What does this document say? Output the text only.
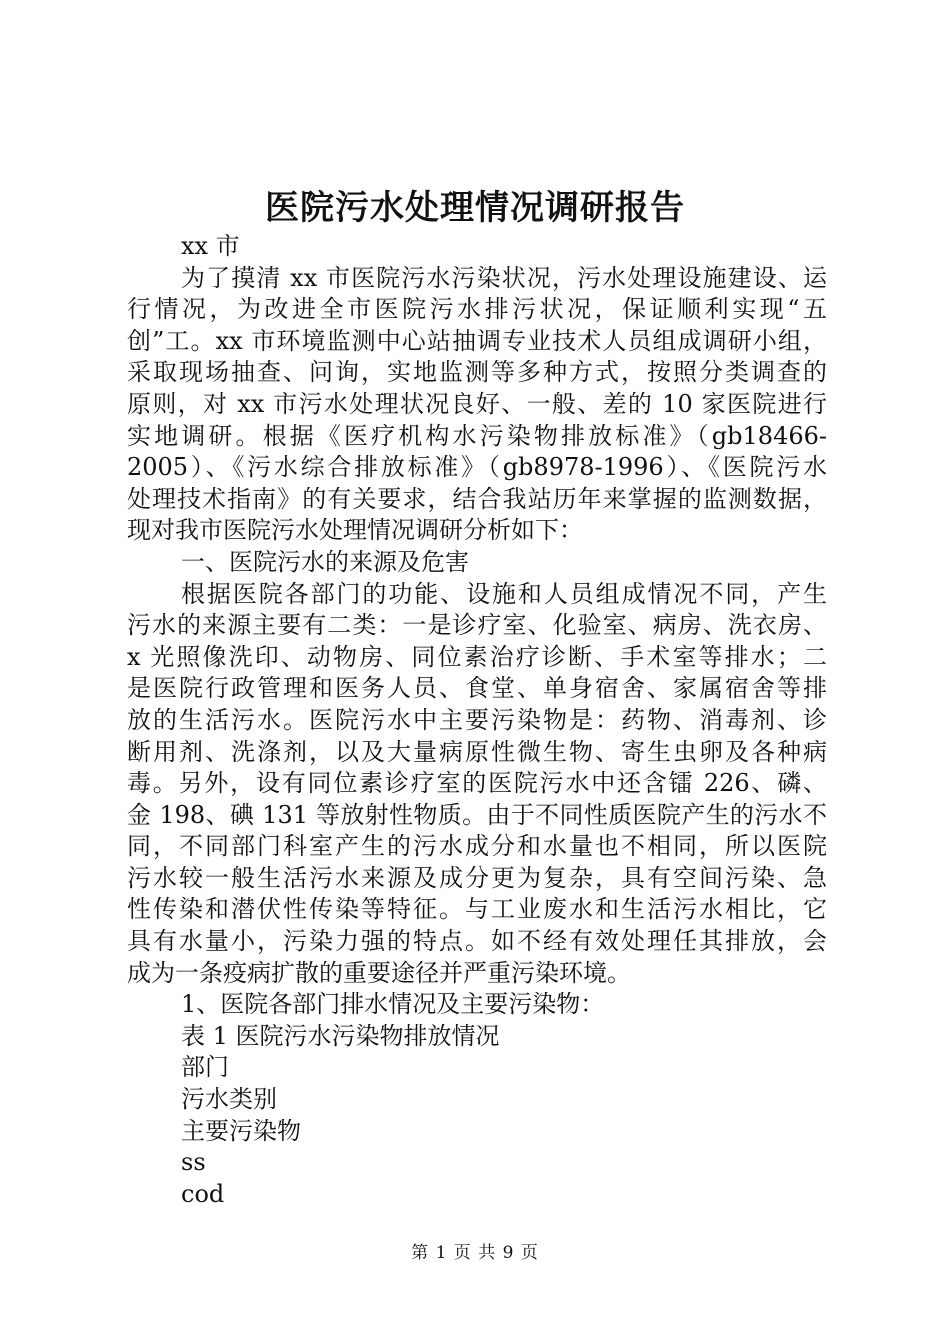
医院污水处理情况调研报告
xx 市
为了摸清 xx 市医院污水污染状况，污水处理设施建设、运
行情况，为改进全市医院污水排污状况，保证顺利实现“五
创”工。xx 市环境监测中心站抽调专业技术人员组成调研小组，
采取现场抽查、问询，实地监测等多种方式，按照分类调查的
原则，对 xx 市污水处理状况良好、一般、差的 10 家医院进行
实地调研。根据《医疗机构水污染物排放标准》（gb18466-
2005）、《污水综合排放标准》（gb8978-1996）、《医院污水
处理技术指南》的有关要求，结合我站历年来掌握的监测数据，
现对我市医院污水处理情况调研分析如下：
一、医院污水的来源及危害
根据医院各部门的功能、设施和人员组成情况不同，产生
污水的来源主要有二类：一是诊疗室、化验室、病房、洗衣房、
x 光照像洗印、动物房、同位素治疗诊断、手术室等排水；二
是医院行政管理和医务人员、食堂、单身宿舍、家属宿舍等排
放的生活污水。医院污水中主要污染物是：药物、消毒剂、诊
断用剂、洗涤剂，以及大量病原性微生物、寄生虫卵及各种病
毒。另外，设有同位素诊疗室的医院污水中还含镭 226、磷、
金 198、碘 131 等放射性物质。由于不同性质医院产生的污水不
同，不同部门科室产生的污水成分和水量也不相同，所以医院
污水较一般生活污水来源及成分更为复杂，具有空间污染、急
性传染和潜伏性传染等特征。与工业废水和生活污水相比，它
具有水量小，污染力强的特点。如不经有效处理任其排放，会
成为一条疫病扩散的重要途径并严重污染环境。
1、医院各部门排水情况及主要污染物：
表 1 医院污水污染物排放情况
部门
污水类别
主要污染物
ss
cod
第 1 页 共 9 页
